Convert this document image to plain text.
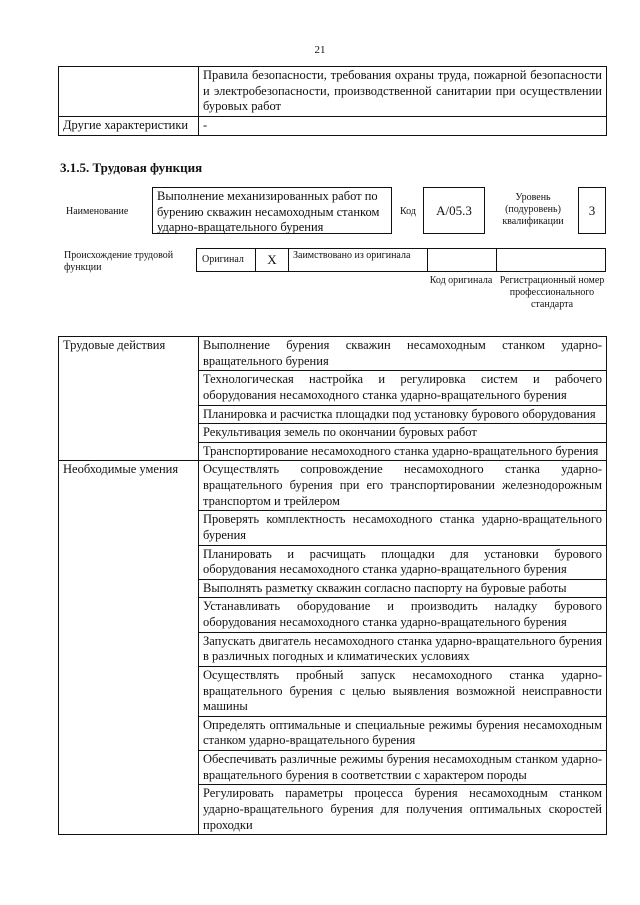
21
	Правила безопасности, требования охраны труда, пожарной безопасности и электробезопасности, производственной санитарии при осуществлении буровых работ
Другие характеристики	-
3.1.5. Трудовая функция
Наименование
Выполнение механизированных работ по бурению скважин несамоходным станком ударно-вращательного бурения
Код	А/05.3
Уровень (подуровень) квалификации
3
Происхождение трудовой функции
Оригинал	X	Заимствовано из оригинала
Код оригинала Регистрационный номер профессионального стандарта
Трудовые действия	Выполнение бурения скважин несамоходным станком ударно-вращательного бурения
	Технологическая настройка и регулировка систем и рабочего оборудования несамоходного станка ударно-вращательного бурения
	Планировка и расчистка площадки под установку бурового оборудования
	Рекультивация земель по окончании буровых работ
	Транспортирование несамоходного станка ударно-вращательного бурения
Необходимые умения	Осуществлять сопровождение несамоходного станка ударно-вращательного бурения при его транспортировании железнодорожным транспортом и трейлером
	Проверять комплектность несамоходного станка ударно-вращательного бурения
	Планировать и расчищать площадки для установки бурового оборудования несамоходного станка ударно-вращательного бурения
	Выполнять разметку скважин согласно паспорту на буровые работы
	Устанавливать оборудование и производить наладку бурового оборудования несамоходного станка ударно-вращательного бурения
	Запускать двигатель несамоходного станка ударно-вращательного бурения в различных погодных и климатических условиях
	Осуществлять пробный запуск несамоходного станка ударно-вращательного бурения с целью выявления возможной неисправности машины
	Определять оптимальные и специальные режимы бурения несамоходным станком ударно-вращательного бурения
	Обеспечивать различные режимы бурения несамоходным станком ударно-вращательного бурения в соответствии с характером породы
	Регулировать параметры процесса бурения несамоходным станком ударно-вращательного бурения для получения оптимальных скоростей проходки
